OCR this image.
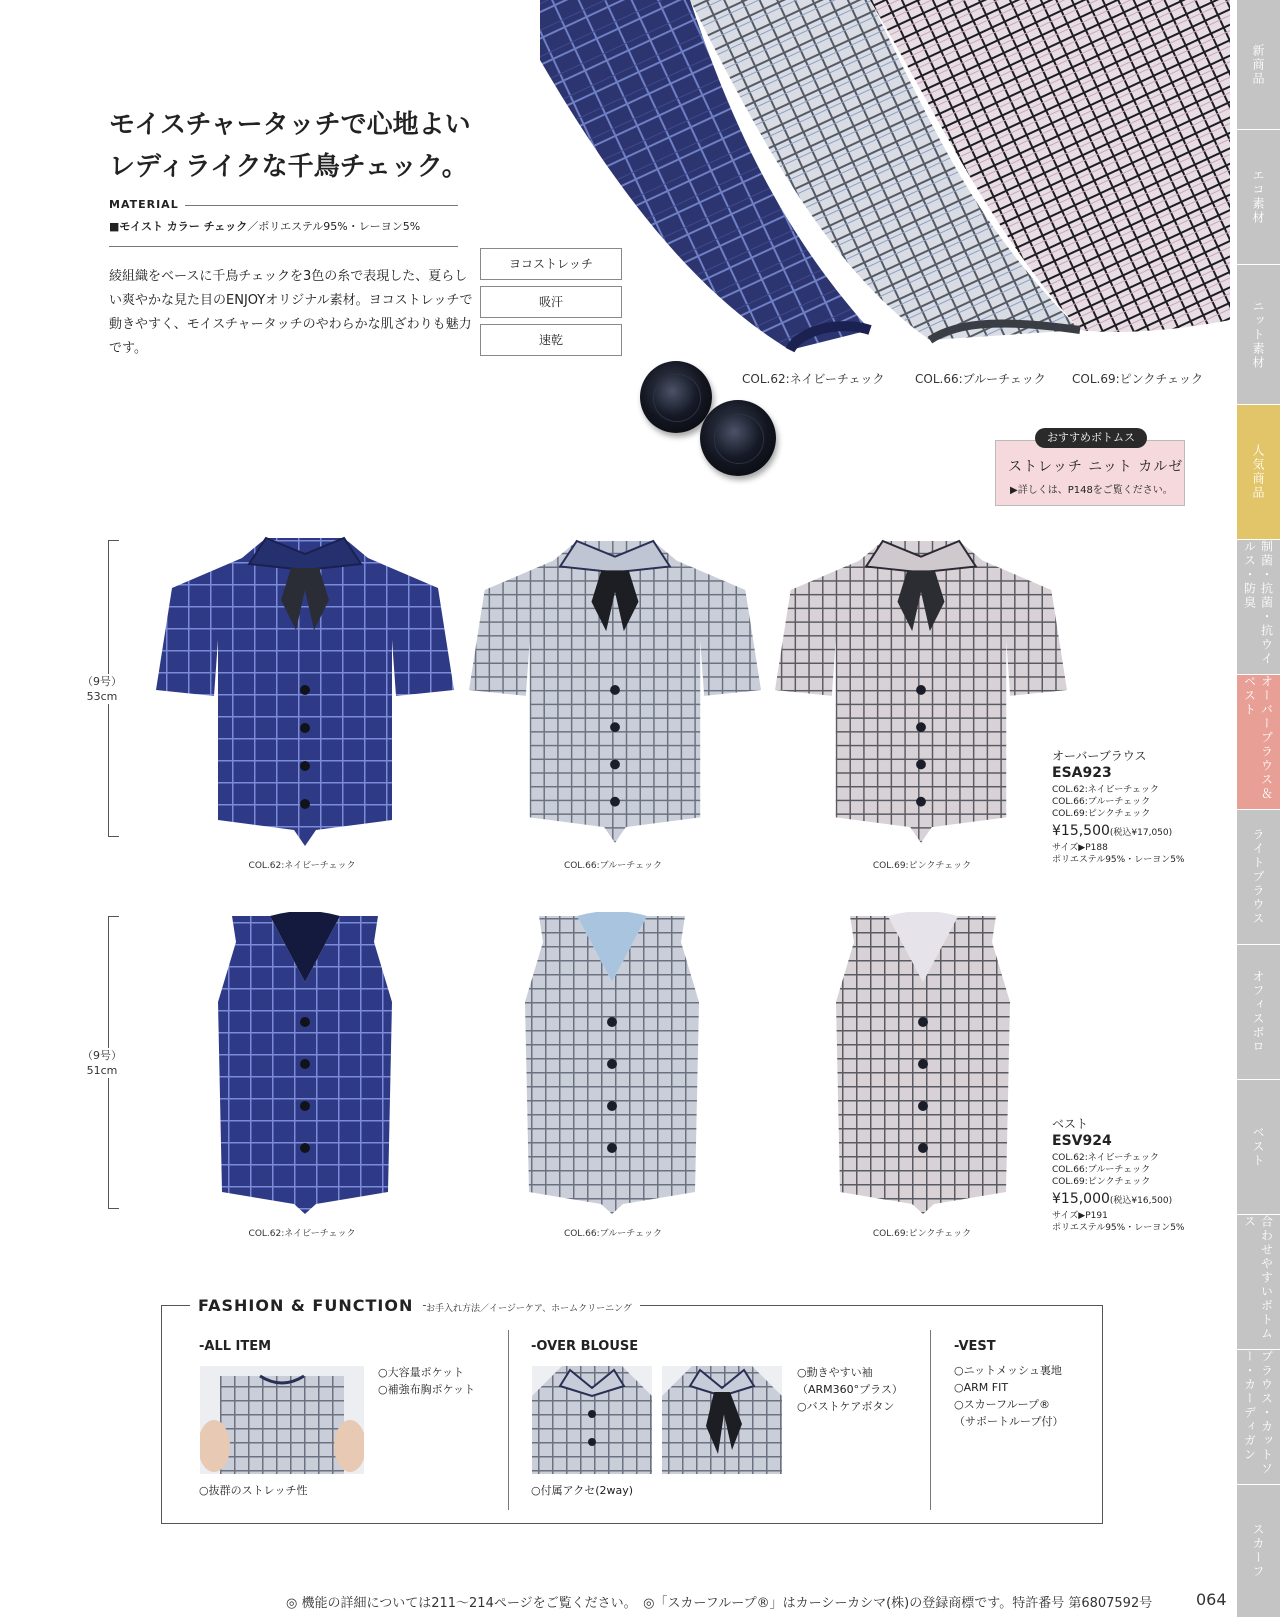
新商品
エコ素材
ニット素材
人気商品
制菌・抗菌・抗ウイルス・防臭
オーバーブラウス＆ベスト
ライトブラウス
オフィスボロ
ベスト
合わせやすいボトムス
ブラウス・カットソー・カーディガン
スカーフ
モイスチャータッチで心地よい
レディライクな千鳥チェック。
MATERIAL
■モイスト カラー チェック／ポリエステル95%・レーヨン5%
綾組織をベースに千鳥チェックを3色の糸で表現した、夏らしい爽やかな見た目のENJOYオリジナル素材。ヨコストレッチで動きやすく、モイスチャータッチのやわらかな肌ざわりも魅力です。
ヨコストレッチ
吸汗
速乾
COL.62:ネイビーチェック	COL.66:ブルーチェック COL.69:ピンクチェック
おすすめボトムス
ストレッチ ニット カルゼ
▶詳しくは、P148をご覧ください。
（9号）
53cm
COL.62:ネイビーチェック	COL.66:ブルーチェック	COL.69:ピンクチェック
オーバーブラウス
ESA923
COL.62:ネイビーチェック
COL.66:ブルーチェック
COL.69:ピンクチェック
¥15,500(税込¥17,050)
サイズ▶P188
ポリエステル95%・レーヨン5%
（9号）
51cm
COL.62:ネイビーチェック	COL.66:ブルーチェック	COL.69:ピンクチェック
ベスト
ESV924
COL.62:ネイビーチェック
COL.66:ブルーチェック
COL.69:ピンクチェック
¥15,000(税込¥16,500)
サイズ▶P191
ポリエステル95%・レーヨン5%
FASHION & FUNCTION	お手入れ方法／イージーケア、ホームクリーニング
-ALL ITEM
○大容量ポケット
○補強布胸ポケット
○抜群のストレッチ性
-OVER BLOUSE
○動きやすい袖
（ARM360°プラス）
○バストケアボタン
○付属アクセ(2way)
-VEST
○ニットメッシュ裏地
○ARM FIT
○スカーフループ®
（サポートループ付）
◎ 機能の詳細については211〜214ページをご覧ください。　◎「スカーフループ®」はカーシーカシマ(株)の登録商標です。特許番号 第6807592号	064
